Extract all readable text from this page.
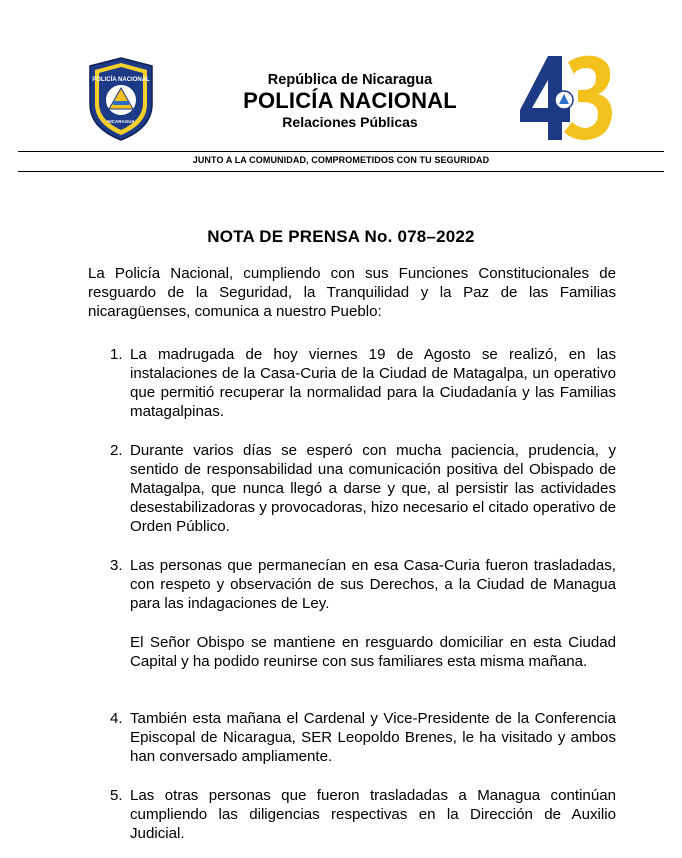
POLICÍA NACIONAL
NICARAGUA
República de Nicaragua
POLICÍA NACIONAL
Relaciones Públicas
JUNTO A LA COMUNIDAD, COMPROMETIDOS CON TU SEGURIDAD
NOTA DE PRENSA No. 078–2022
La Policía Nacional, cumpliendo con sus Funciones Constitucionales de resguardo de la Seguridad, la Tranquilidad y la Paz de las Familias nicaragüenses, comunica a nuestro Pueblo:
1. La madrugada de hoy viernes 19 de Agosto se realizó, en las instalaciones de la Casa-Curia de la Ciudad de Matagalpa, un operativo que permitió recuperar la normalidad para la Ciudadanía y las Familias matagalpinas.
2. Durante varios días se esperó con mucha paciencia, prudencia, y sentido de responsabilidad una comunicación positiva del Obispado de Matagalpa, que nunca llegó a darse y que, al persistir las actividades desestabilizadoras y provocadoras, hizo necesario el citado operativo de Orden Público.
3. Las personas que permanecían en esa Casa-Curia fueron trasladadas, con respeto y observación de sus Derechos, a la Ciudad de Managua para las indagaciones de Ley.
El Señor Obispo se mantiene en resguardo domiciliar en esta Ciudad Capital y ha podido reunirse con sus familiares esta misma mañana.
4. También esta mañana el Cardenal y Vice-Presidente de la Conferencia Episcopal de Nicaragua, SER Leopoldo Brenes, le ha visitado y ambos han conversado ampliamente.
5. Las otras personas que fueron trasladadas a Managua continúan cumpliendo las diligencias respectivas en la Dirección de Auxilio Judicial.
